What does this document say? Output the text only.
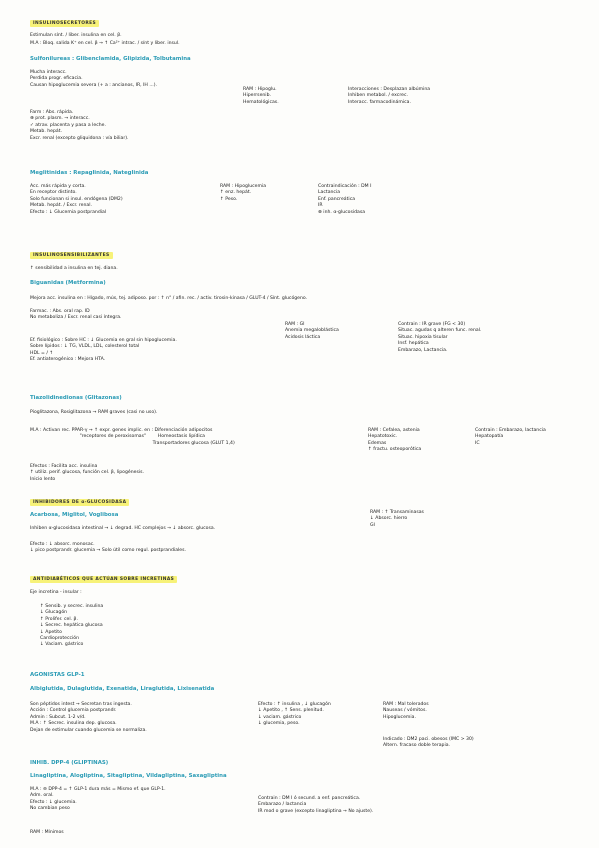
INSULINOSECRETORES
Estimulan sínt. / liber. insulina en cel. β.
M.A : Bloq. salida K⁺ en cel. β → ↑ Ca²⁺ intrac. / sínt y liber. insul.
Sulfonilureas : Glibenclamida, Glipizida, Tolbutamina
Mucha interacc.
Perdida progr. eficacia.
Causan hipoglucemia severa (+ a : ancianos, IR, IH ...).
Farm : Abs. rápida.
⊕ prot. plasm. → interacc.
✓ atrav. placenta y pasa a leche.
Metab. hepát.
Excr. renal (excepto gliquidona : vía biliar).
RAM : Hipoglu.
Hiperrsenib.
Hematológicas.
Interacciones : Desplazan albúmina
Inhiben metabol. / excrec.
Interacc. farmacodinámica.
Meglitinidas : Repaglinida, Nateglinida
Acc. más rápida y corta.
En receptor distinto.
Solo funcionan si insul. endógena (DM2)
Metab. hepát. / Excr. renal.
Efecto : ↓ Glucemia postprandial
RAM : Hipoglucemia
↑ enz. hepát.
↑ Peso.
Contraindicación : DM I
Lactancia
Enf. pancreática
IR
⊗ inh. α-glucosidasa
INSULINOSENSIBILIZANTES
↑ sensibilidad a insulina en tej. diana.
Biguanidas (Metformina)
Mejora acc. insulina en : Hígado, mús, tej. adiposo. por : ↑ n° / afin. rec. / activ. tirosin-kinasa / GLUT-4 / Sínt. glucógeno.
Farmac. : Abs. oral rap. ID
No metaboliza / Excr. renal casi íntegra.
Ef. fisiológico : Sobre HC : ↓ Glucemia en gral sin hipoglucemia.
Sobre lípidos : ↓ TG, VLDL, LDL, colesterol total
HDL = / ↑
Ef. antiaterogénico : Mejora HTA.
RAM : GI
Anemia megaloblástica
Acidosis láctica
Contrain : IR grave (FG < 30)
Situac. agudas q alteren func. renal.
Situac. hipoxia tisular
Insf. hepática
Embarazo, Lactancia.
Tiazolidinedionas (Glitazonas)
Pioglitazona, Rosiglitazona → RAM graves (casi no uso).
M.A : Activan rec. PPAR-γ → ↑ expr. genes implic. en : Diferenciación adipocitos
"receptores de peroxisomas"        Homeostasis lipídica
Transportadores glucosa (GLUT 1,4)
Efectos : Facilita acc. insulina
↑ utiliz. perif. glucosa, función cel. β, lipogénesis.
Inicio lento
RAM : Cefalea, astenia
Hepatotoxic.
Edemas
↑ fractu. osteoporótica
Contrain : Embarazo, lactancia
Hepatopatía
IC
INHIBIDORES DE α-GLUCOSIDASA
Acarbosa, Miglitol, Voglibosa
Inhiben α-glucosidasa intestinal → ↓ degrad. HC complejos → ↓ absorc. glucosa.
Efecto : ↓ absorc. monosac.
↓ pico postprandr. glucemia → Solo útil como regul. postprandiales.
RAM : ↑ Transaminasas
↓ Absorc. hierro
GI
ANTIDIABÉTICOS QUE ACTÚAN SOBRE INCRETINAS
Eje incretina - insular :
↑ Sensib. y secrec. insulina
↓ Glucagón
↑ Prolifer. cel. β.
↓ Secrec. hepática glucosa
↓ Apetito
Cardioprotección
↓ Vaciam. gástrico
AGONISTAS GLP-1
Albiglutida, Dulaglutida, Exenatida, Liraglutida, Lixisenatida
Son péptidos intest → Secretan tras ingesta.
Acción : Control glucemia postprandr.
Admin : Subcut. 1-2 v/d.
M.A : ↑ Secrec. insulina dep. glucosa.
Dejan de estimular cuando glucemia se normaliza.
Efecto : ↑ insulina , ↓ glucagón
↓ Apetito , ↑ Sens. plenitud.
↓ vaciam. gástrico
↓ glucemia, peso.
RAM : Mal tolerados
Nauseas / vómitos.
Hipoglucemia.
Indicado : DM2 paci. obesos (IMC > 30)
Altern. fracaso doble terapia.
INHIB. DPP-4 (GLIPTINAS)
Linagliptina, Alogliptina, Sitagliptina, Vildagliptina, Saxagliptina
M.A : ⊖ DPP-4 = ↑ GLP-1 dura más = Mismo ef. que GLP-1.
Adm. oral.
Efecto : ↓ glucemia.
No cambian peso
Contrain : DM I ó secund. a enf. pancreática.
Embarazo / lactancia
IR mod o grave (excepto linagliptina → No ajuste).
RAM : Mínimos
